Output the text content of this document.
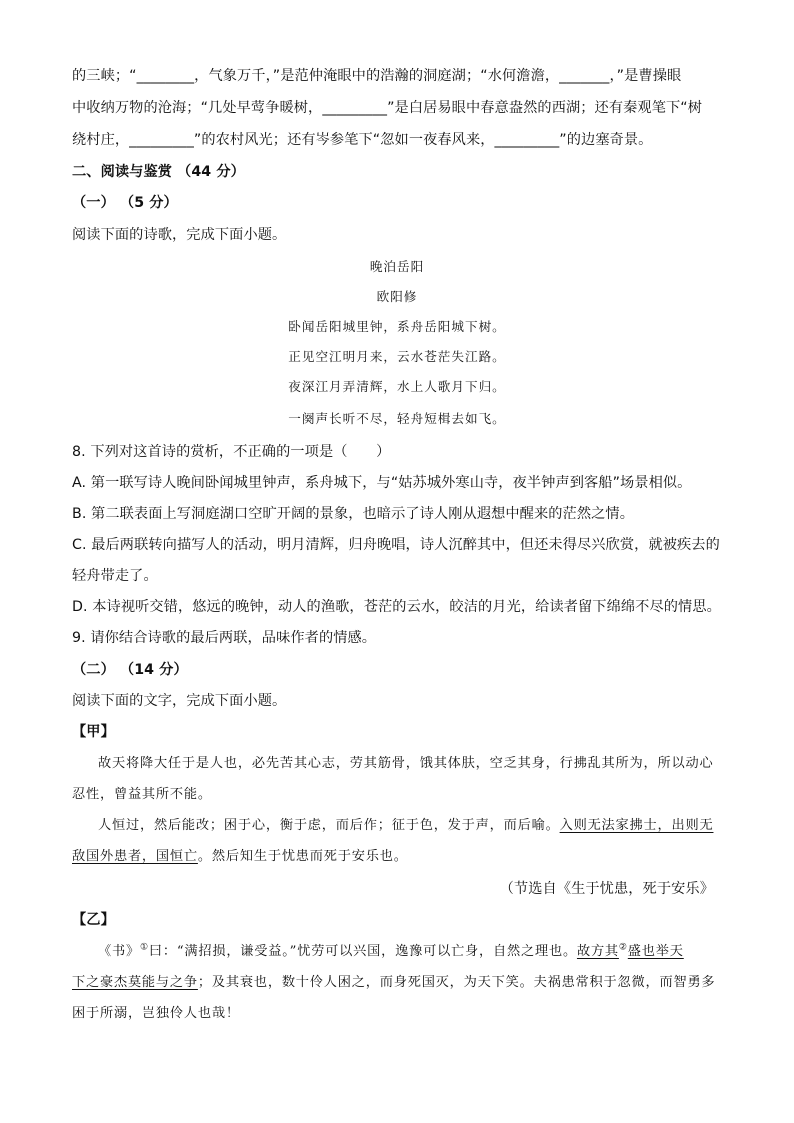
的三峡；“________，气象万千，”是范仲淹眼中的浩瀚的洞庭湖；“水何澹澹，_______，”是曹操眼
中收纳万物的沧海；“几处早莺争暖树，_________”是白居易眼中春意盎然的西湖；还有秦观笔下“树
绕村庄，_________”的农村风光；还有岑参笔下“忽如一夜春风来，_________”的边塞奇景。
二、阅读与鉴赏 （44 分）
（一） （5 分）
阅读下面的诗歌，完成下面小题。
晚泊岳阳
欧阳修
卧闻岳阳城里钟，系舟岳阳城下树。
正见空江明月来，云水苍茫失江路。
夜深江月弄清辉，水上人歌月下归。
一阕声长听不尽，轻舟短楫去如飞。
8. 下列对这首诗的赏析，不正确的一项是（　　）
A. 第一联写诗人晚间卧闻城里钟声，系舟城下，与“姑苏城外寒山寺，夜半钟声到客船”场景相似。
B. 第二联表面上写洞庭湖口空旷开阔的景象，也暗示了诗人刚从遐想中醒来的茫然之情。
C. 最后两联转向描写人的活动，明月清辉，归舟晚唱，诗人沉醉其中，但还未得尽兴欣赏，就被疾去的
轻舟带走了。
D. 本诗视听交错，悠远的晚钟，动人的渔歌，苍茫的云水，皎洁的月光，给读者留下绵绵不尽的情思。
9. 请你结合诗歌的最后两联，品味作者的情感。
（二） （14 分）
阅读下面的文字，完成下面小题。
【甲】
故天将降大任于是人也，必先苦其心志，劳其筋骨，饿其体肤，空乏其身，行拂乱其所为，所以动心
忍性，曾益其所不能。
人恒过，然后能改；困于心，衡于虑，而后作；征于色，发于声，而后喻。入则无法家拂士，出则无
敌国外患者，国恒亡。然后知生于忧患而死于安乐也。
（节选自《生于忧患，死于安乐》
【乙】
《书》①曰：“满招损，谦受益。”忧劳可以兴国，逸豫可以亡身，自然之理也。故方其②盛也举天
下之豪杰莫能与之争；及其衰也，数十伶人困之，而身死国灭，为天下笑。夫祸患常积于忽微，而智勇多
困于所溺，岂独伶人也哉！
